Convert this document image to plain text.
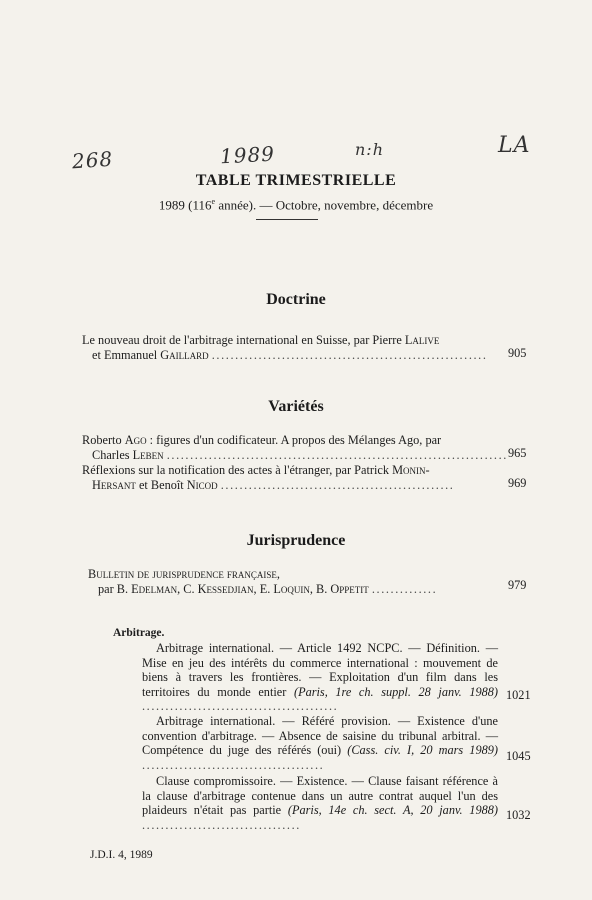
268	1989	n:h	LA
TABLE TRIMESTRIELLE
1989 (116e année). — Octobre, novembre, décembre
Doctrine
Le nouveau droit de l'arbitrage international en Suisse, par Pierre Lalive
et Emmanuel Gaillard ...........................................................	905
Variétés
Roberto Ago : figures d'un codificateur. A propos des Mélanges Ago, par
Charles Leben ......................................................................... 965
Réflexions sur la notification des actes à l'étranger, par Patrick Monin-
Hersant et Benoît Nicod ..................................................	969
Jurisprudence
Bulletin de jurisprudence française,
par B. Edelman, C. Kessedjian, E. Loquin, B. Oppetit ..............	979
Arbitrage.
Arbitrage international. — Article 1492 NCPC. — Définition. — Mise en jeu des intérêts du commerce international : mouvement de biens à travers les frontières. — Exploitation d'un film dans les territoires du monde entier (Paris, 1re ch. suppl. 28 janv. 1988) ..........................................
1021
Arbitrage international. — Référé provision. — Existence d'une convention d'arbitrage. — Absence de saisine du tribunal arbitral. — Compétence du juge des référés (oui) (Cass. civ. I, 20 mars 1989) .......................................
1045
Clause compromissoire. — Existence. — Clause faisant référence à la clause d'arbitrage contenue dans un autre contrat auquel l'un des plaideurs n'était pas partie (Paris, 14e ch. sect. A, 20 janv. 1988) ..................................
1032
J.D.I. 4, 1989
